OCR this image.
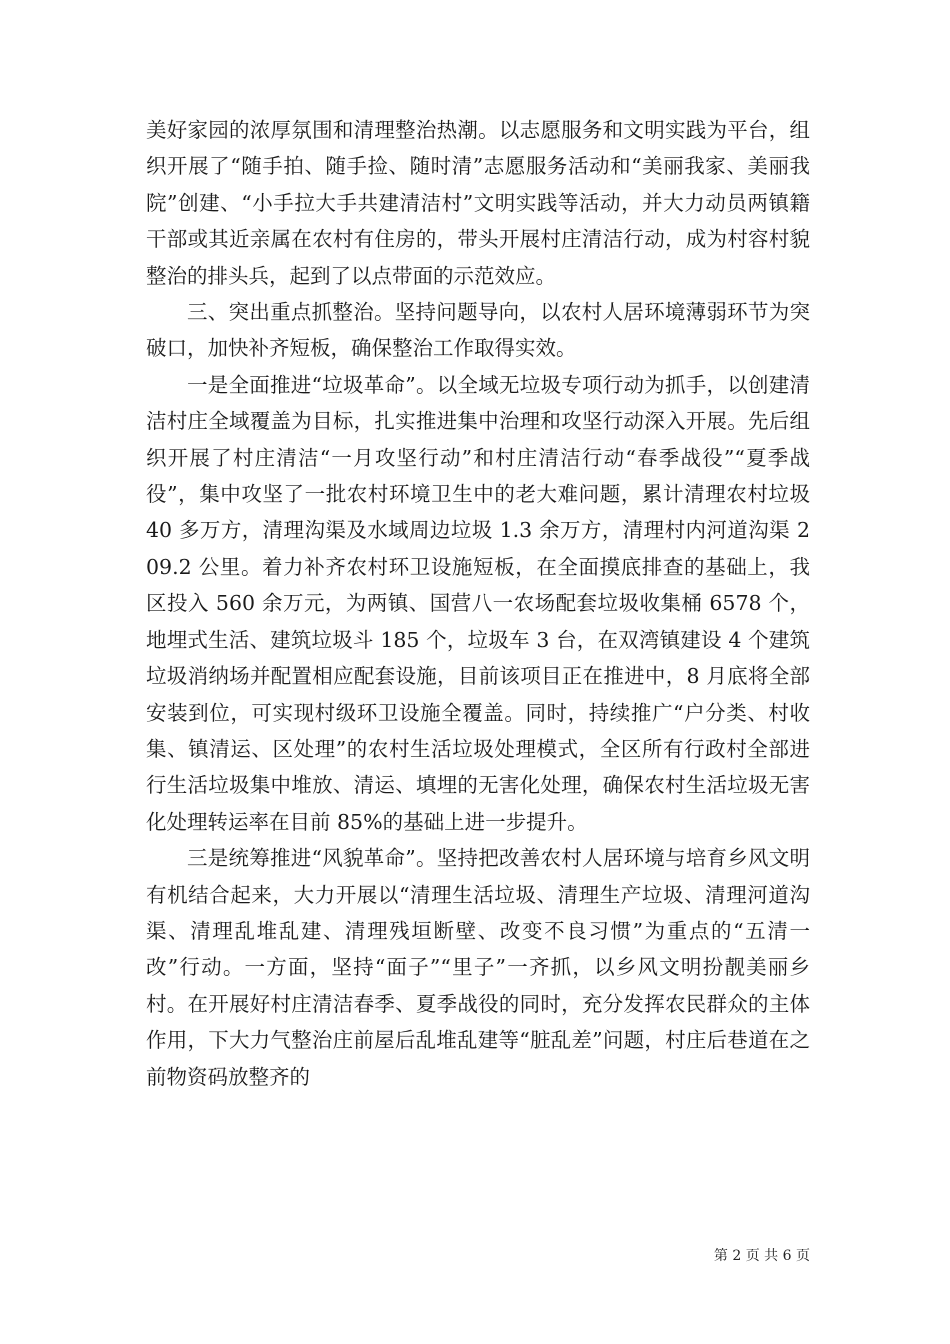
美好家园的浓厚氛围和清理整治热潮。以志愿服务和文明实践为平台，组织开展了“随手拍、随手捡、随时清”志愿服务活动和“美丽我家、美丽我院”创建、“小手拉大手共建清洁村”文明实践等活动，并大力动员两镇籍干部或其近亲属在农村有住房的，带头开展村庄清洁行动，成为村容村貌整治的排头兵，起到了以点带面的示范效应。

三、突出重点抓整治。坚持问题导向，以农村人居环境薄弱环节为突破口，加快补齐短板，确保整治工作取得实效。

一是全面推进“垃圾革命”。以全域无垃圾专项行动为抓手，以创建清洁村庄全域覆盖为目标，扎实推进集中治理和攻坚行动深入开展。先后组织开展了村庄清洁“一月攻坚行动”和村庄清洁行动“春季战役”“夏季战役”，集中攻坚了一批农村环境卫生中的老大难问题，累计清理农村垃圾 40 多万方，清理沟渠及水域周边垃圾 1.3 余万方，清理村内河道沟渠 209.2 公里。着力补齐农村环卫设施短板，在全面摸底排查的基础上，我区投入 560 余万元，为两镇、国营八一农场配套垃圾收集桶 6578 个，地埋式生活、建筑垃圾斗 185 个，垃圾车 3 台，在双湾镇建设 4 个建筑垃圾消纳场并配置相应配套设施，目前该项目正在推进中，8 月底将全部安装到位，可实现村级环卫设施全覆盖。同时，持续推广“户分类、村收集、镇清运、区处理”的农村生活垃圾处理模式，全区所有行政村全部进行生活垃圾集中堆放、清运、填埋的无害化处理，确保农村生活垃圾无害化处理转运率在目前 85%的基础上进一步提升。

三是统筹推进“风貌革命”。坚持把改善农村人居环境与培育乡风文明有机结合起来，大力开展以“清理生活垃圾、清理生产垃圾、清理河道沟渠、清理乱堆乱建、清理残垣断壁、改变不良习惯”为重点的“五清一改”行动。一方面，坚持“面子”“里子”一齐抓，以乡风文明扮靓美丽乡村。在开展好村庄清洁春季、夏季战役的同时，充分发挥农民群众的主体作用，下大力气整治庄前屋后乱堆乱建等“脏乱差”问题，村庄后巷道在之前物资码放整齐的

第 2 页 共 6 页
